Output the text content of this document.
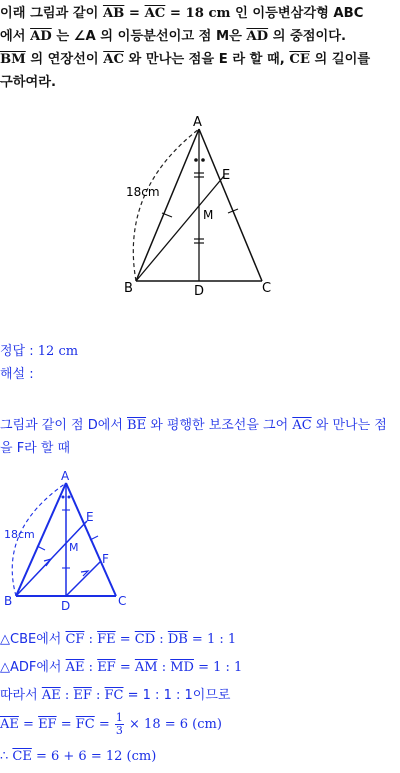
이래 그림과 같이 $\overline{AB} = \overline{AC} = 18$ cm 인 이등변삼각형 ABC
에서 $\overline{AD}$ 는 ∠A 의 이등분선이고 점 M은 $\overline{AD}$ 의 중점이다.
$\overline{BM}$ 의 연장선이 $\overline{AC}$ 와 만나는 점을 E 라 할 때, $\overline{CE}$ 의 길이를
구하여라.
A
B	C
D
E
M
18cm
정답 : 12 cm
해설 :
그림과 같이 점 D에서 $\overline{BE}$ 와 평행한 보조선을 그어 $\overline{AC}$ 와 만나는 점
을 F라 할 때
A
B	C
D
E
F
M
18cm
△CBE에서 $\overline{CF}$ : $\overline{FE} = \overline{CD}$ : $\overline{DB} = 1$ : 1
△ADF에서 $\overline{AE}$ : $\overline{EF} = \overline{AM}$ : $\overline{MD} = 1$ : 1
따라서 $\overline{AE}$ : $\overline{EF}$ : $\overline{FC} = 1$ : 1 : 1이므로
$\overline{AE} = \overline{EF} = \overline{FC} = \frac{1}{3} \times 18 = 6$ (cm)
∴ $\overline{CE} = 6 + 6 = 12$ (cm)
